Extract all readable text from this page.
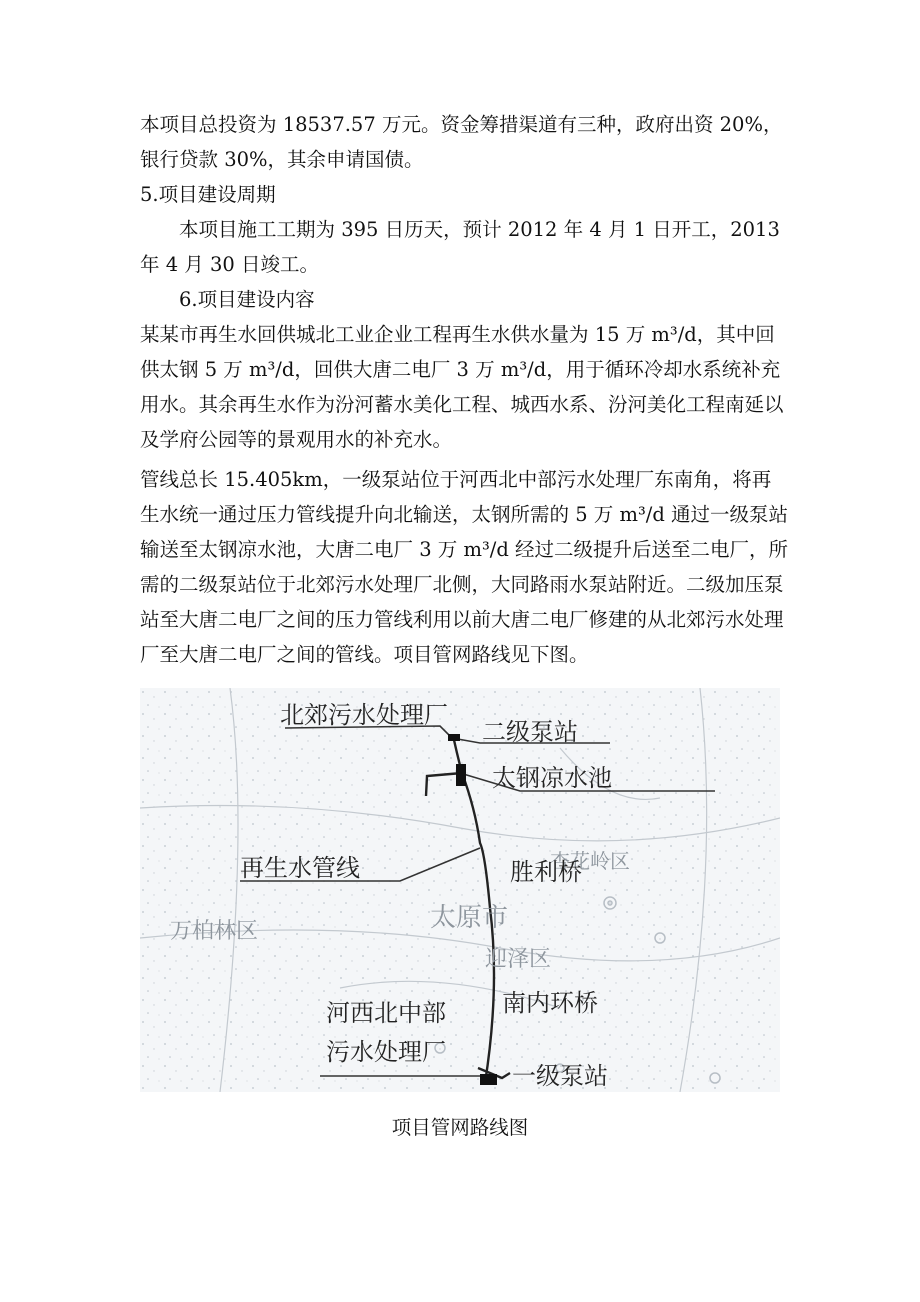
本项目总投资为 18537.57 万元。资金筹措渠道有三种，政府出资 20%，银行贷款 30%，其余申请国债。

5.项目建设周期

本项目施工工期为 395 日历天，预计 2012 年 4 月 1 日开工，2013 年 4 月 30 日竣工。

6.项目建设内容

某某市再生水回供城北工业企业工程再生水供水量为 15 万 m³/d，其中回供太钢 5 万 m³/d，回供大唐二电厂 3 万 m³/d，用于循环冷却水系统补充用水。其余再生水作为汾河蓄水美化工程、城西水系、汾河美化工程南延以及学府公园等的景观用水的补充水。

管线总长 15.405km，一级泵站位于河西北中部污水处理厂东南角，将再生水统一通过压力管线提升向北输送，太钢所需的 5 万 m³/d 通过一级泵站输送至太钢凉水池，大唐二电厂 3 万 m³/d 经过二级提升后送至二电厂，所需的二级泵站位于北郊污水处理厂北侧，大同路雨水泵站附近。二级加压泵站至大唐二电厂之间的压力管线利用以前大唐二电厂修建的从北郊污水处理厂至大唐二电厂之间的管线。项目管网路线见下图。

太原市
万柏林区
迎泽区
杏花岭区
北郊污水处理厂
二级泵站
太钢凉水池
再生水管线	胜利桥
河西北中部
污水处理厂
南内环桥
一级泵站
项目管网路线图
